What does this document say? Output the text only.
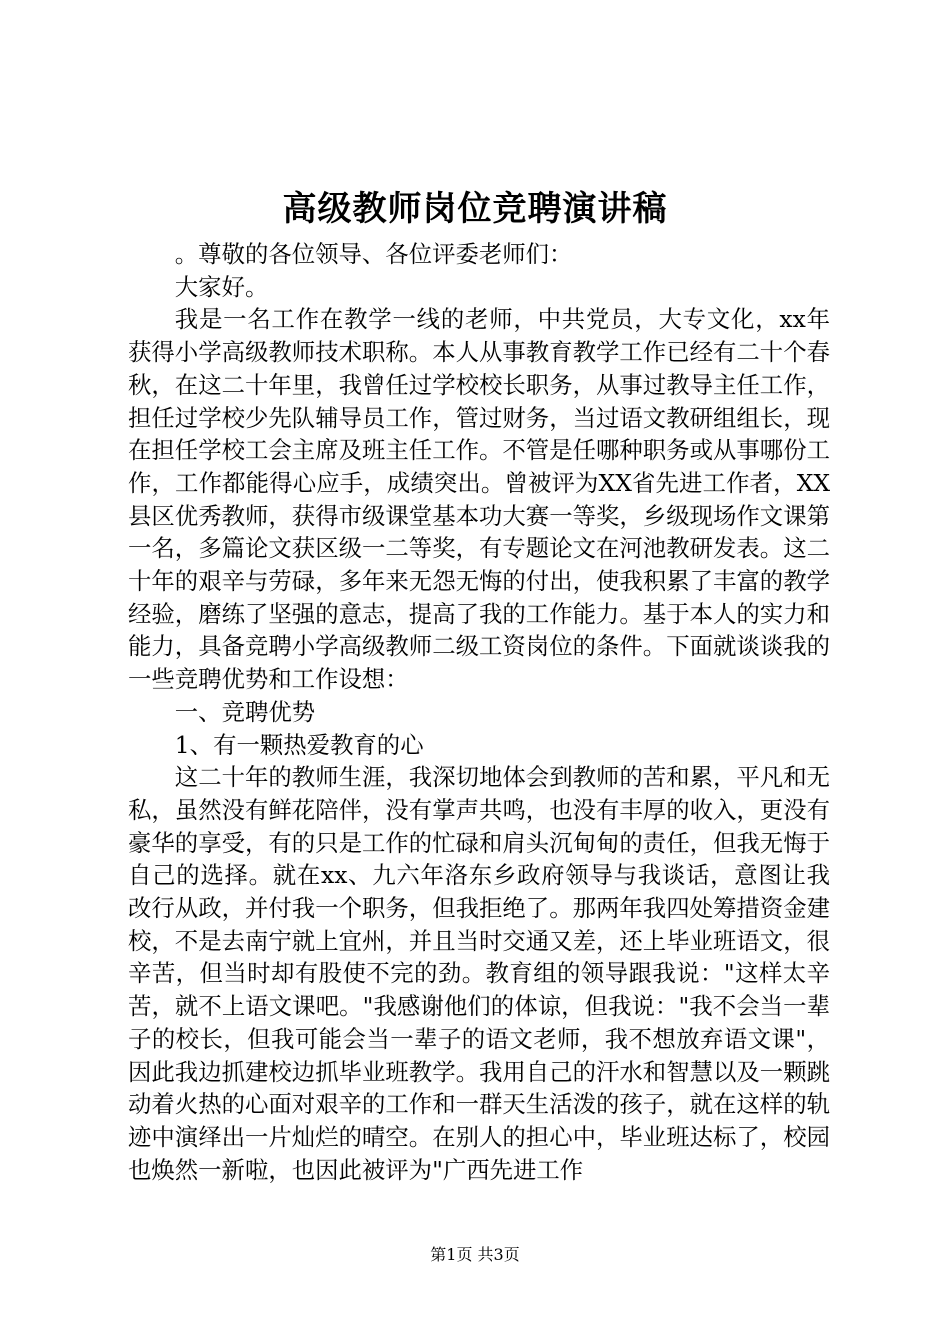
高级教师岗位竞聘演讲稿

。尊敬的各位领导、各位评委老师们：

大家好。

我是一名工作在教学一线的老师，中共党员，大专文化，xx年获得小学高级教师技术职称。本人从事教育教学工作已经有二十个春秋，在这二十年里，我曾任过学校校长职务，从事过教导主任工作，担任过学校少先队辅导员工作，管过财务，当过语文教研组组长，现在担任学校工会主席及班主任工作。不管是任哪种职务或从事哪份工作，工作都能得心应手，成绩突出。曾被评为XX省先进工作者，XX县区优秀教师，获得市级课堂基本功大赛一等奖，乡级现场作文课第一名，多篇论文获区级一二等奖，有专题论文在河池教研发表。这二十年的艰辛与劳碌，多年来无怨无悔的付出，使我积累了丰富的教学经验，磨练了坚强的意志，提高了我的工作能力。基于本人的实力和能力，具备竞聘小学高级教师二级工资岗位的条件。下面就谈谈我的一些竞聘优势和工作设想：

一、竞聘优势

1、有一颗热爱教育的心

这二十年的教师生涯，我深切地体会到教师的苦和累，平凡和无私，虽然没有鲜花陪伴，没有掌声共鸣，也没有丰厚的收入，更没有豪华的享受，有的只是工作的忙碌和肩头沉甸甸的责任，但我无悔于自己的选择。就在xx、九六年洛东乡政府领导与我谈话，意图让我改行从政，并付我一个职务，但我拒绝了。那两年我四处筹措资金建校，不是去南宁就上宜州，并且当时交通又差，还上毕业班语文，很辛苦，但当时却有股使不完的劲。教育组的领导跟我说："这样太辛苦，就不上语文课吧。"我感谢他们的体谅，但我说："我不会当一辈子的校长，但我可能会当一辈子的语文老师，我不想放弃语文课"，因此我边抓建校边抓毕业班教学。我用自己的汗水和智慧以及一颗跳动着火热的心面对艰辛的工作和一群天生活泼的孩子，就在这样的轨迹中演绎出一片灿烂的晴空。在别人的担心中，毕业班达标了，校园也焕然一新啦，也因此被评为"广西先进工作

第1页 共3页
